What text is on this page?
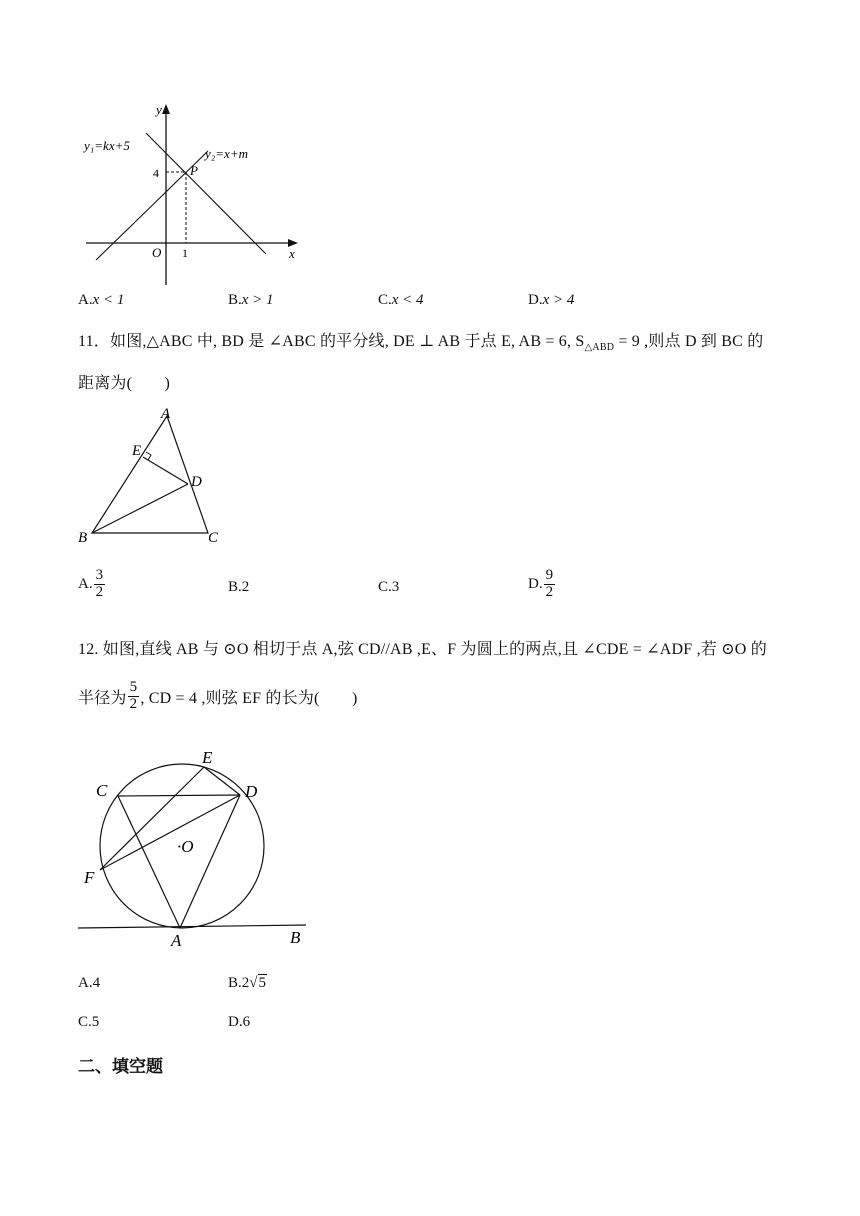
y
x
O 1
4 P
y₁=kx+5
y₂=x+m
A.x < 1	B.x > 1	C.x < 4	D.x > 4
11．如图,△ABC 中, BD 是 ∠ABC 的平分线, DE ⊥ AB 于点 E, AB = 6, $S_{\triangle ABD} = 9$ ,则点 D 到 BC 的
距离为(　　)
A
E
D
B	C
A. $\frac{3}{2}$	B.2	C.3	D. $\frac{9}{2}$
12. 如图,直线 AB 与 ⊙O 相切于点 A,弦 CD//AB ,E、F 为圆上的两点,且 ∠CDE = ∠ADF ,若 ⊙O 的
半径为 $\frac{5}{2}$ , CD = 4 ,则弦 EF 的长为(　　)
E
C	D
·O
F
A	B
A.4	B.2√5
C.5	D.6
二、填空题
